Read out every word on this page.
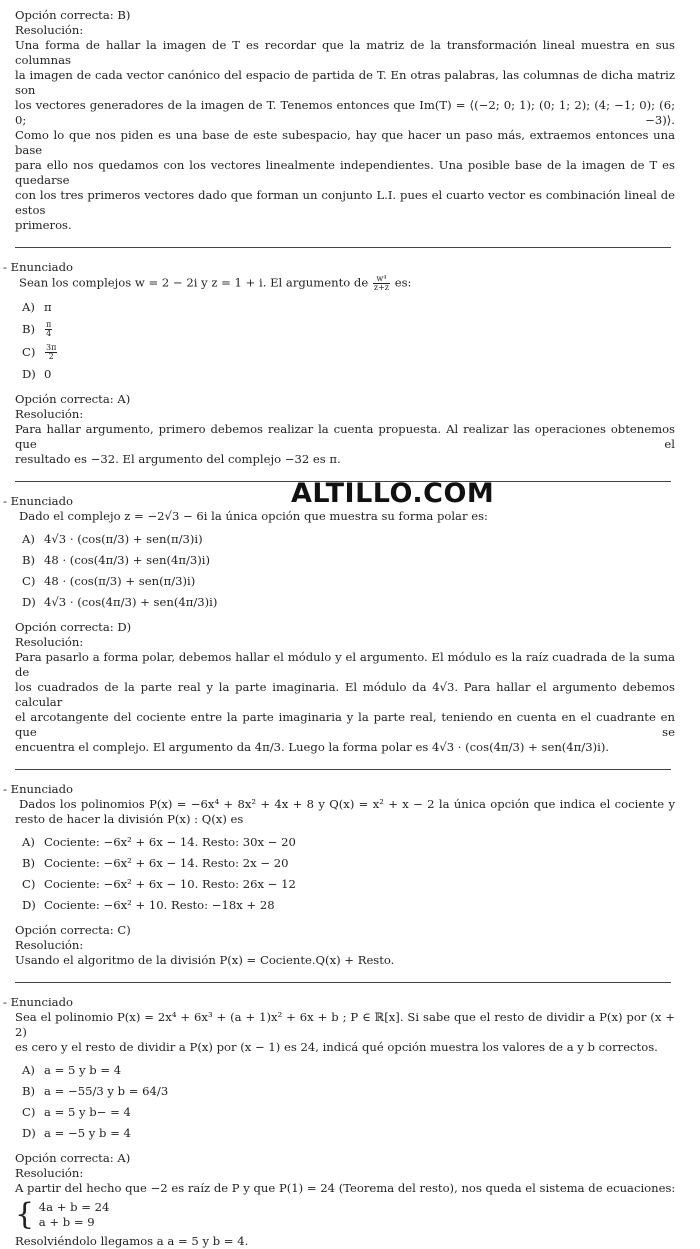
ALTILLO.COM
Opción correcta: B)
Resolución:
Una forma de hallar la imagen de T es recordar que la matriz de la transformación lineal muestra en sus columnas
la imagen de cada vector canónico del espacio de partida de T. En otras palabras, las columnas de dicha matriz son
los vectores generadores de la imagen de T. Tenemos entonces que Im(T) = ⟨(−2; 0; 1); (0; 1; 2); (4; −1; 0); (6; 0; −3)⟩.
Como lo que nos piden es una base de este subespacio, hay que hacer un paso más, extraemos entonces una base
para ello nos quedamos con los vectores linealmente independientes. Una posible base de la imagen de T es quedarse
con los tres primeros vectores dado que forman un conjunto L.I. pues el cuarto vector es combinación lineal de estos
primeros.
- Enunciado
Sean los complejos w = 2 − 2i y z = 1 + i. El argumento de $\frac{\text{w⁴}}{z+z̄}$ es:
A) π
$B) \frac{\pi}{4}$
$C) \frac{3\pi}{2}$
D) 0
Opción correcta: A)
Resolución:
Para hallar argumento, primero debemos realizar la cuenta propuesta. Al realizar las operaciones obtenemos que el
resultado es −32. El argumento del complejo −32 es π.
- Enunciado
Dado el complejo z = −2√3 − 6i la única opción que muestra su forma polar es:
A) 4√3 · (cos(π/3) + sen(π/3)i)
B) 48 · (cos(4π/3) + sen(4π/3)i)
C) 48 · (cos(π/3) + sen(π/3)i)
D) 4√3 · (cos(4π/3) + sen(4π/3)i)
Opción correcta: D)
Resolución:
Para pasarlo a forma polar, debemos hallar el módulo y el argumento. El módulo es la raíz cuadrada de la suma de
los cuadrados de la parte real y la parte imaginaria. El módulo da 4√3. Para hallar el argumento debemos calcular
el arcotangente del cociente entre la parte imaginaria y la parte real, teniendo en cuenta en el cuadrante en que se
encuentra el complejo. El argumento da 4π/3. Luego la forma polar es 4√3 · (cos(4π/3) + sen(4π/3)i).
- Enunciado
Dados los polinomios P(x) = −6x⁴ + 8x² + 4x + 8 y Q(x) = x² + x − 2 la única opción que indica el cociente y
resto de hacer la división P(x) : Q(x) es
A) Cociente: −6x² + 6x − 14. Resto: 30x − 20
B) Cociente: −6x² + 6x − 14. Resto: 2x − 20
C) Cociente: −6x² + 6x − 10. Resto: 26x − 12
D) Cociente: −6x² + 10. Resto: −18x + 28
Opción correcta: C)
Resolución:
Usando el algoritmo de la división P(x) = Cociente.Q(x) + Resto.
- Enunciado
Sea el polinomio P(x) = 2x⁴ + 6x³ + (a + 1)x² + 6x + b ; P ∈ ℝ[x]. Si sabe que el resto de dividir a P(x) por (x + 2)
es cero y el resto de dividir a P(x) por (x − 1) es 24, indicá qué opción muestra los valores de a y b correctos.
A) a = 5 y b = 4
B) a = −55/3 y b = 64/3
C) a = 5 y b− = 4
D) a = −5 y b = 4
Opción correcta: A)
Resolución:
A partir del hecho que −2 es raíz de P y que P(1) = 24 (Teorema del resto), nos queda el sistema de ecuaciones:
{ 4a + b = 24
a + b = 9
Resolviéndolo llegamos a a = 5 y b = 4.
